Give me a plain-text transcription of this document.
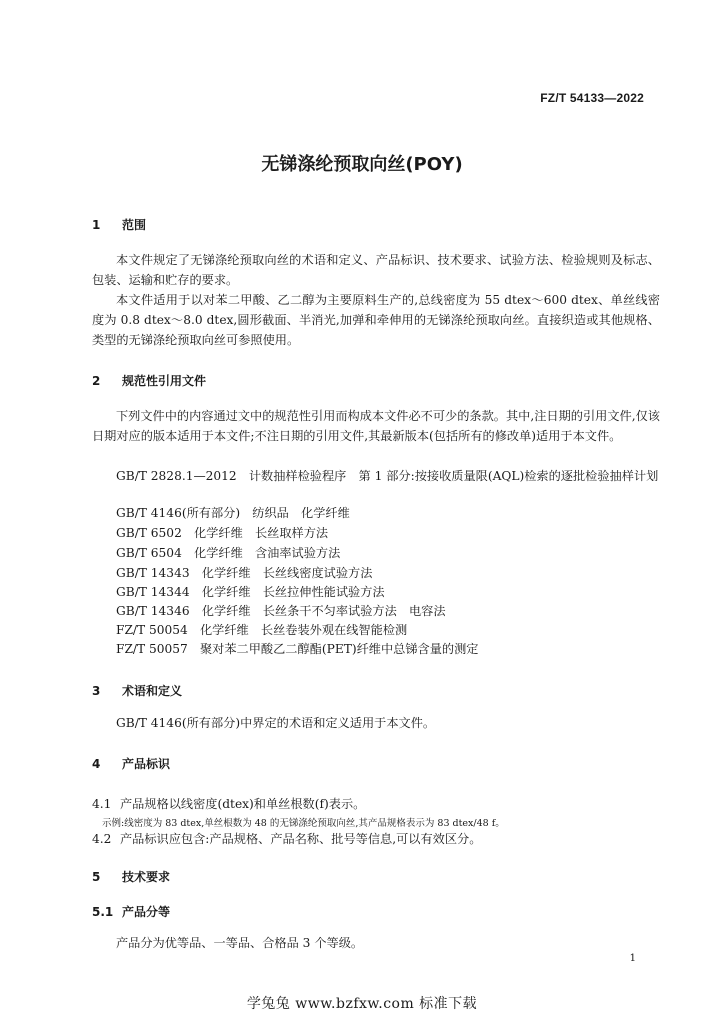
FZ/T 54133—2022
无锑涤纶预取向丝(POY)
1 范围
本文件规定了无锑涤纶预取向丝的术语和定义、产品标识、技术要求、试验方法、检验规则及标志、包装、运输和贮存的要求。
本文件适用于以对苯二甲酸、乙二醇为主要原料生产的,总线密度为 55 dtex～600 dtex、单丝线密度为 0.8 dtex～8.0 dtex,圆形截面、半消光,加弹和牵伸用的无锑涤纶预取向丝。直接织造或其他规格、类型的无锑涤纶预取向丝可参照使用。
2 规范性引用文件
下列文件中的内容通过文中的规范性引用而构成本文件必不可少的条款。其中,注日期的引用文件,仅该日期对应的版本适用于本文件;不注日期的引用文件,其最新版本(包括所有的修改单)适用于本文件。
GB/T 2828.1—2012　计数抽样检验程序　第 1 部分:按接收质量限(AQL)检索的逐批检验抽样计划
GB/T 4146(所有部分)　纺织品　化学纤维
GB/T 6502　化学纤维　长丝取样方法
GB/T 6504　化学纤维　含油率试验方法
GB/T 14343　化学纤维　长丝线密度试验方法
GB/T 14344　化学纤维　长丝拉伸性能试验方法
GB/T 14346　化学纤维　长丝条干不匀率试验方法　电容法
FZ/T 50054　化学纤维　长丝卷装外观在线智能检测
FZ/T 50057　聚对苯二甲酸乙二醇酯(PET)纤维中总锑含量的测定
3 术语和定义
GB/T 4146(所有部分)中界定的术语和定义适用于本文件。
4 产品标识
4.1 产品规格以线密度(dtex)和单丝根数(f)表示。
示例:线密度为 83 dtex,单丝根数为 48 的无锑涤纶预取向丝,其产品规格表示为 83 dtex/48 f。
4.2 产品标识应包含:产品规格、产品名称、批号等信息,可以有效区分。
5 技术要求
5.1 产品分等
产品分为优等品、一等品、合格品 3 个等级。
1
学兔兔 www.bzfxw.com 标准下载
